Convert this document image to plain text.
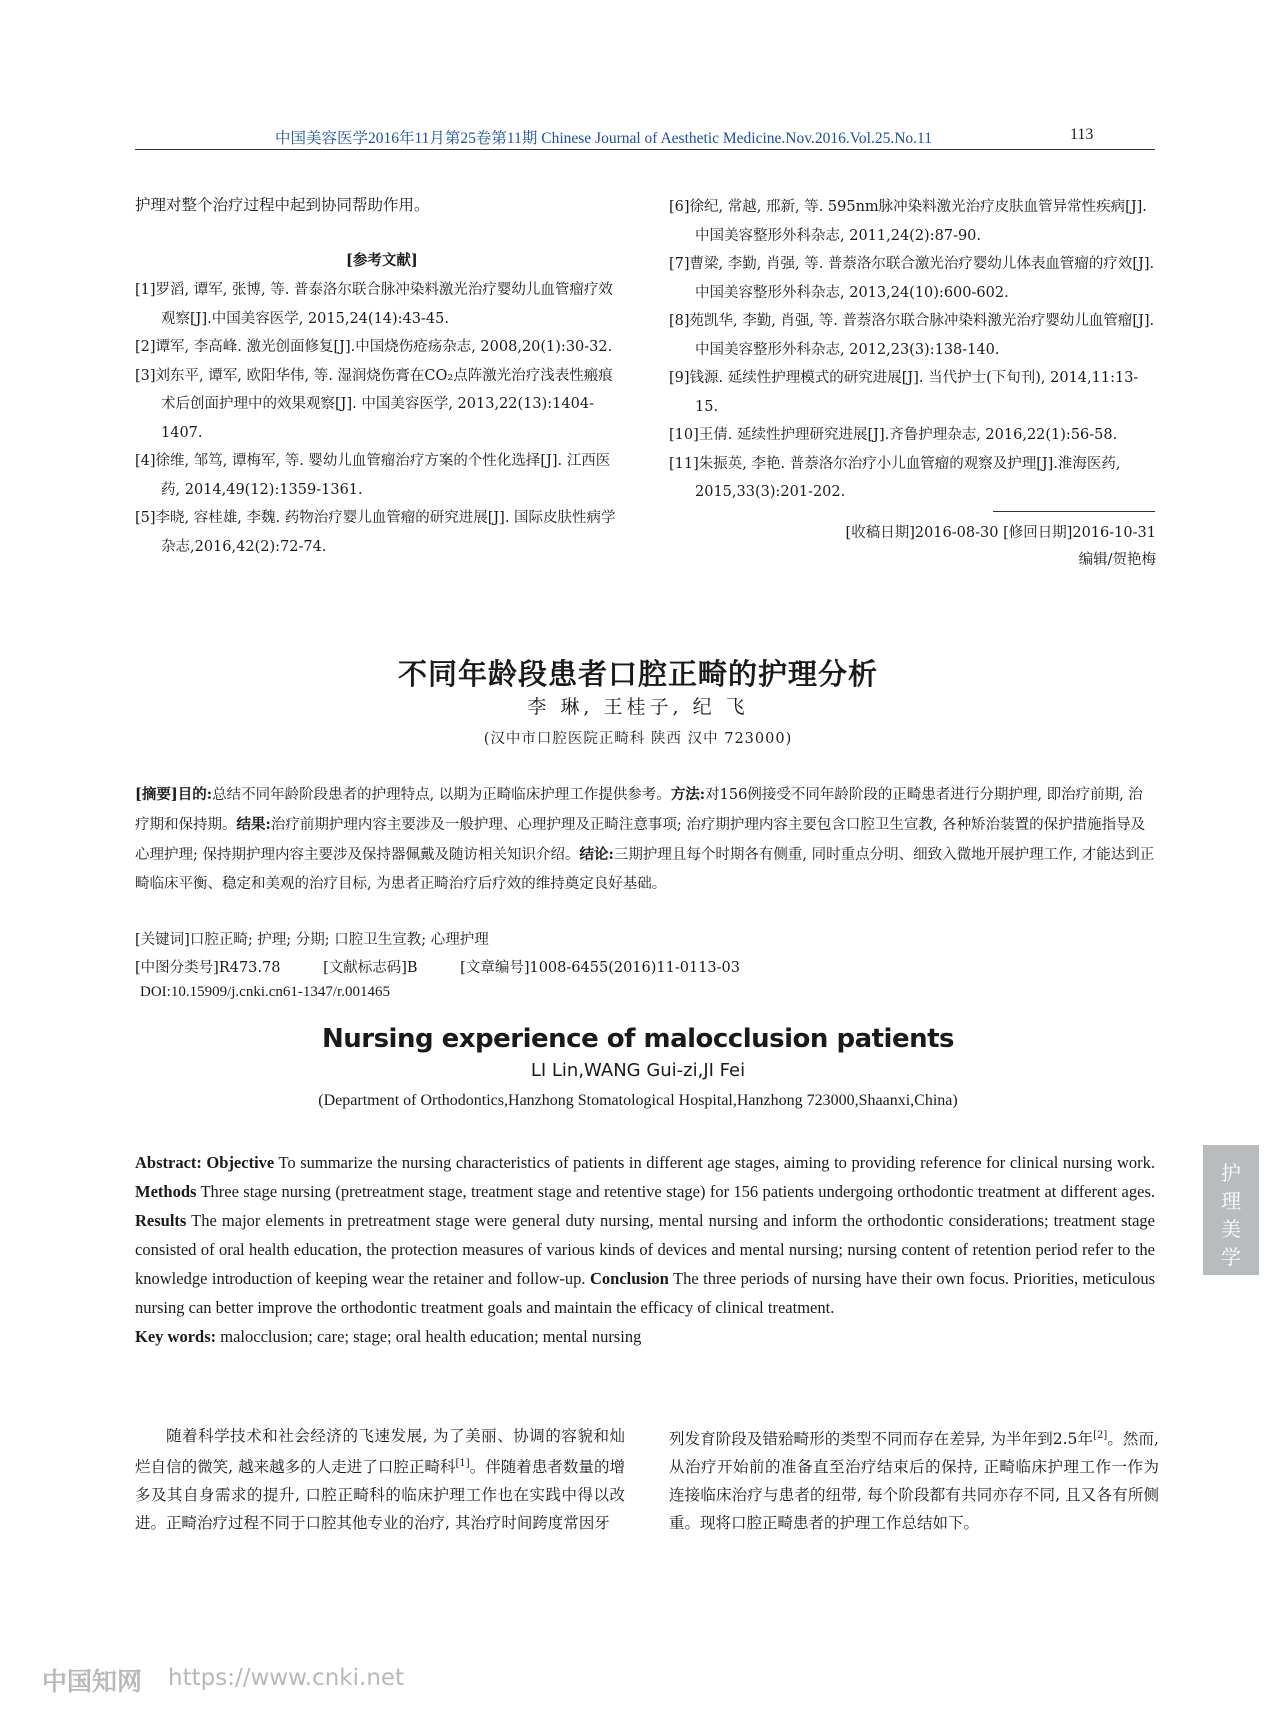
中国美容医学2016年11月第25卷第11期 Chinese Journal of Aesthetic Medicine.Nov.2016.Vol.25.No.11	113
护理对整个治疗过程中起到协同帮助作用。
[参考文献]

[1]罗滔, 谭军, 张博, 等. 普泰洛尔联合脉冲染料激光治疗婴幼儿血管瘤疗效观察[J].中国美容医学, 2015,24(14):43-45.

[2]谭军, 李高峰. 激光创面修复[J].中国烧伤疮疡杂志, 2008,20(1):30-32.

[3]刘东平, 谭军, 欧阳华伟, 等. 湿润烧伤膏在CO₂点阵激光治疗浅表性瘢痕术后创面护理中的效果观察[J]. 中国美容医学, 2013,22(13):1404-1407.

[4]徐维, 邹笃, 谭梅军, 等. 婴幼儿血管瘤治疗方案的个性化选择[J]. 江西医药, 2014,49(12):1359-1361.

[5]李晓, 容桂雄, 李魏. 药物治疗婴儿血管瘤的研究进展[J]. 国际皮肤性病学杂志,2016,42(2):72-74.

[6]徐纪, 常越, 邢新, 等. 595nm脉冲染料激光治疗皮肤血管异常性疾病[J].中国美容整形外科杂志, 2011,24(2):87-90.

[7]曹梁, 李勤, 肖强, 等. 普萘洛尔联合激光治疗婴幼儿体表血管瘤的疗效[J].中国美容整形外科杂志, 2013,24(10):600-602.

[8]苑凯华, 李勤, 肖强, 等. 普萘洛尔联合脉冲染料激光治疗婴幼儿血管瘤[J]. 中国美容整形外科杂志, 2012,23(3):138-140.

[9]钱源. 延续性护理模式的研究进展[J]. 当代护士(下旬刊), 2014,11:13-15.

[10]王倩. 延续性护理研究进展[J].齐鲁护理杂志, 2016,22(1):56-58.

[11]朱振英, 李艳. 普萘洛尔治疗小儿血管瘤的观察及护理[J].淮海医药, 2015,33(3):201-202.

[收稿日期]2016-08-30 [修回日期]2016-10-31
编辑/贺艳梅
不同年龄段患者口腔正畸的护理分析
李 琳, 王桂子, 纪 飞
(汉中市口腔医院正畸科 陕西 汉中 723000)
[摘要]目的:总结不同年龄阶段患者的护理特点, 以期为正畸临床护理工作提供参考。方法:对156例接受不同年龄阶段的正畸患者进行分期护理, 即治疗前期, 治疗期和保持期。结果:治疗前期护理内容主要涉及一般护理、心理护理及正畸注意事项; 治疗期护理内容主要包含口腔卫生宣教, 各种矫治装置的保护措施指导及心理护理; 保持期护理内容主要涉及保持器佩戴及随访相关知识介绍。结论:三期护理且每个时期各有侧重, 同时重点分明、细致入微地开展护理工作, 才能达到正畸临床平衡、稳定和美观的治疗目标, 为患者正畸治疗后疗效的维持奠定良好基础。
[关键词]口腔正畸; 护理; 分期; 口腔卫生宣教; 心理护理
[中图分类号]R473.78	[文献标志码]B	[文章编号]1008-6455(2016)11-0113-03
DOI:10.15909/j.cnki.cn61-1347/r.001465
Nursing experience of malocclusion patients
LI Lin,WANG Gui-zi,JI Fei
(Department of Orthodontics,Hanzhong Stomatological Hospital,Hanzhong 723000,Shaanxi,China)
Abstract: Objective To summarize the nursing characteristics of patients in different age stages, aiming to providing reference for clinical nursing work. Methods Three stage nursing (pretreatment stage, treatment stage and retentive stage) for 156 patients undergoing orthodontic treatment at different ages. Results The major elements in pretreatment stage were general duty nursing, mental nursing and inform the orthodontic considerations; treatment stage consisted of oral health education, the protection measures of various kinds of devices and mental nursing; nursing content of retention period refer to the knowledge introduction of keeping wear the retainer and follow-up. Conclusion The three periods of nursing have their own focus. Priorities, meticulous nursing can better improve the orthodontic treatment goals and maintain the efficacy of clinical treatment.
Key words: malocclusion; care; stage; oral health education; mental nursing

随着科学技术和社会经济的飞速发展, 为了美丽、协调的容貌和灿烂自信的微笑, 越来越多的人走进了口腔正畸科[1]。伴随着患者数量的增多及其自身需求的提升, 口腔正畸科的临床护理工作也在实践中得以改进。正畸治疗过程不同于口腔其他专业的治疗, 其治疗时间跨度常因牙

列发育阶段及错𬌗畸形的类型不同而存在差异, 为半年到2.5年[2]。然而, 从治疗开始前的准备直至治疗结束后的保持, 正畸临床护理工作一作为连接临床治疗与患者的纽带, 每个阶段都有共同亦存不同, 且又各有所侧重。现将口腔正畸患者的护理工作总结如下。

护
理
美
学
中国知网 https://www.cnki.net
